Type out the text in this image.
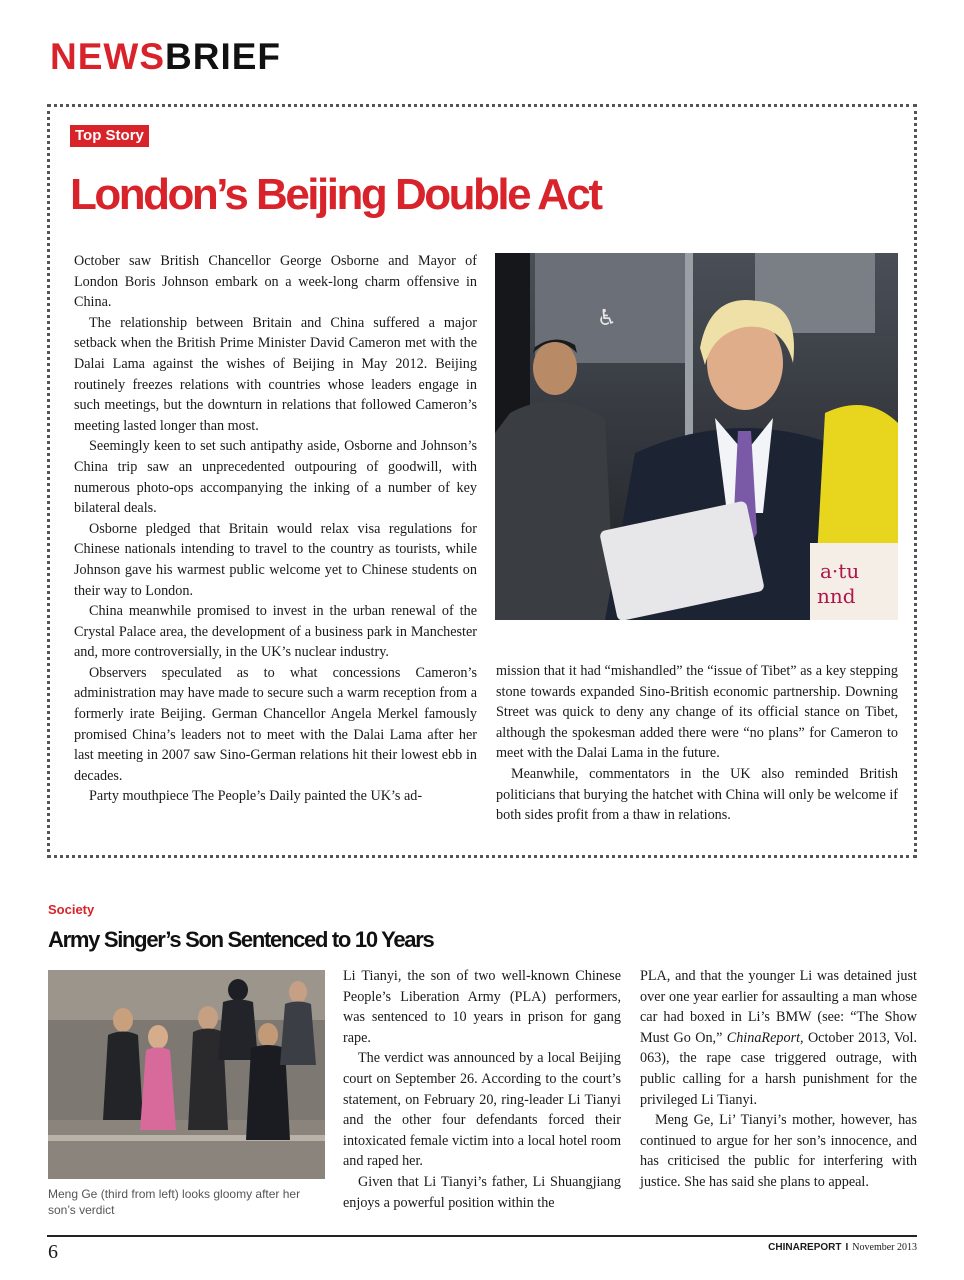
NEWSBRIEF
Top Story
London’s Beijing Double Act

October saw British Chancellor George Osborne and Mayor of London Boris Johnson embark on a week-long charm offensive in China.

The relationship between Britain and China suffered a major setback when the British Prime Minister David Cameron met with the Dalai Lama against the wishes of Beijing in May 2012. Beijing routinely freezes relations with countries whose leaders engage in such meetings, but the downturn in relations that followed Cameron’s meeting lasted longer than most.

Seemingly keen to set such antipathy aside, Osborne and Johnson’s China trip saw an unprecedented outpouring of goodwill, with numerous photo-ops accompanying the inking of a number of key bilateral deals.

Osborne pledged that Britain would relax visa regulations for Chinese nationals intending to travel to the country as tourists, while Johnson gave his warmest public welcome yet to Chinese students on their way to London.

China meanwhile promised to invest in the urban renewal of the Crystal Palace area, the development of a business park in Manchester and, more controversially, in the UK’s nuclear industry.

Observers speculated as to what concessions Cameron’s administration may have made to secure such a warm reception from a formerly irate Beijing. German Chancellor Angela Merkel famously promised China’s leaders not to meet with the Dalai Lama after her last meeting in 2007 saw Sino-German relations hit their lowest ebb in decades.

Party mouthpiece The People’s Daily painted the UK’s ad-

♿
a·tu
nnd

mission that it had “mishandled” the “issue of Tibet” as a key stepping stone towards expanded Sino-British economic partnership. Downing Street was quick to deny any change of its official stance on Tibet, although the spokesman added there were “no plans” for Cameron to meet with the Dalai Lama in the future.

Meanwhile, commentators in the UK also reminded British politicians that burying the hatchet with China will only be welcome if both sides profit from a thaw in relations.

Society
Army Singer’s Son Sentenced to 10 Years
Meng Ge (third from left) looks gloomy after her son’s verdict

Li Tianyi, the son of two well-known Chinese People’s Liberation Army (PLA) performers, was sentenced to 10 years in prison for gang rape.

The verdict was announced by a local Beijing court on September 26. According to the court’s statement, on February 20, ring-leader Li Tianyi and the other four defendants forced their intoxicated female victim into a local hotel room and raped her.

Given that Li Tianyi’s father, Li Shuangjiang enjoys a powerful position within the

PLA, and that the younger Li was detained just over one year earlier for assaulting a man whose car had boxed in Li’s BMW (see: “The Show Must Go On,” ChinaReport, October 2013, Vol. 063), the rape case triggered outrage, with public calling for a harsh punishment for the privileged Li Tianyi.

Meng Ge, Li’ Tianyi’s mother, however, has continued to argue for her son’s innocence, and has criticised the public for interfering with justice. She has said she plans to appeal.

6	CHINAREPORT I November 2013
